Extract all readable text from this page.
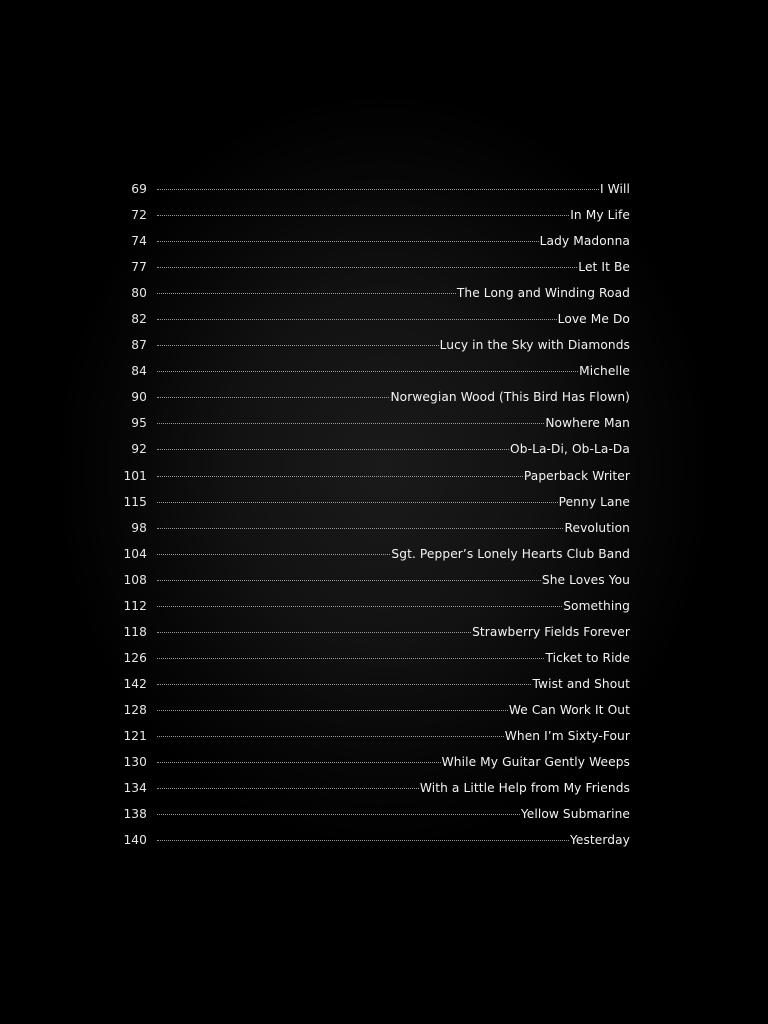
69	I Will
72	In My Life
74	Lady Madonna
77	Let It Be
80	The Long and Winding Road
82	Love Me Do
87	Lucy in the Sky with Diamonds
84	Michelle
90	Norwegian Wood (This Bird Has Flown)
95	Nowhere Man
92	Ob-La-Di, Ob-La-Da
101	Paperback Writer
115	Penny Lane
98	Revolution
104	Sgt. Pepper’s Lonely Hearts Club Band
108	She Loves You
112	Something
118	Strawberry Fields Forever
126	Ticket to Ride
142	Twist and Shout
128	We Can Work It Out
121	When I’m Sixty-Four
130	While My Guitar Gently Weeps
134	With a Little Help from My Friends
138	Yellow Submarine
140	Yesterday
